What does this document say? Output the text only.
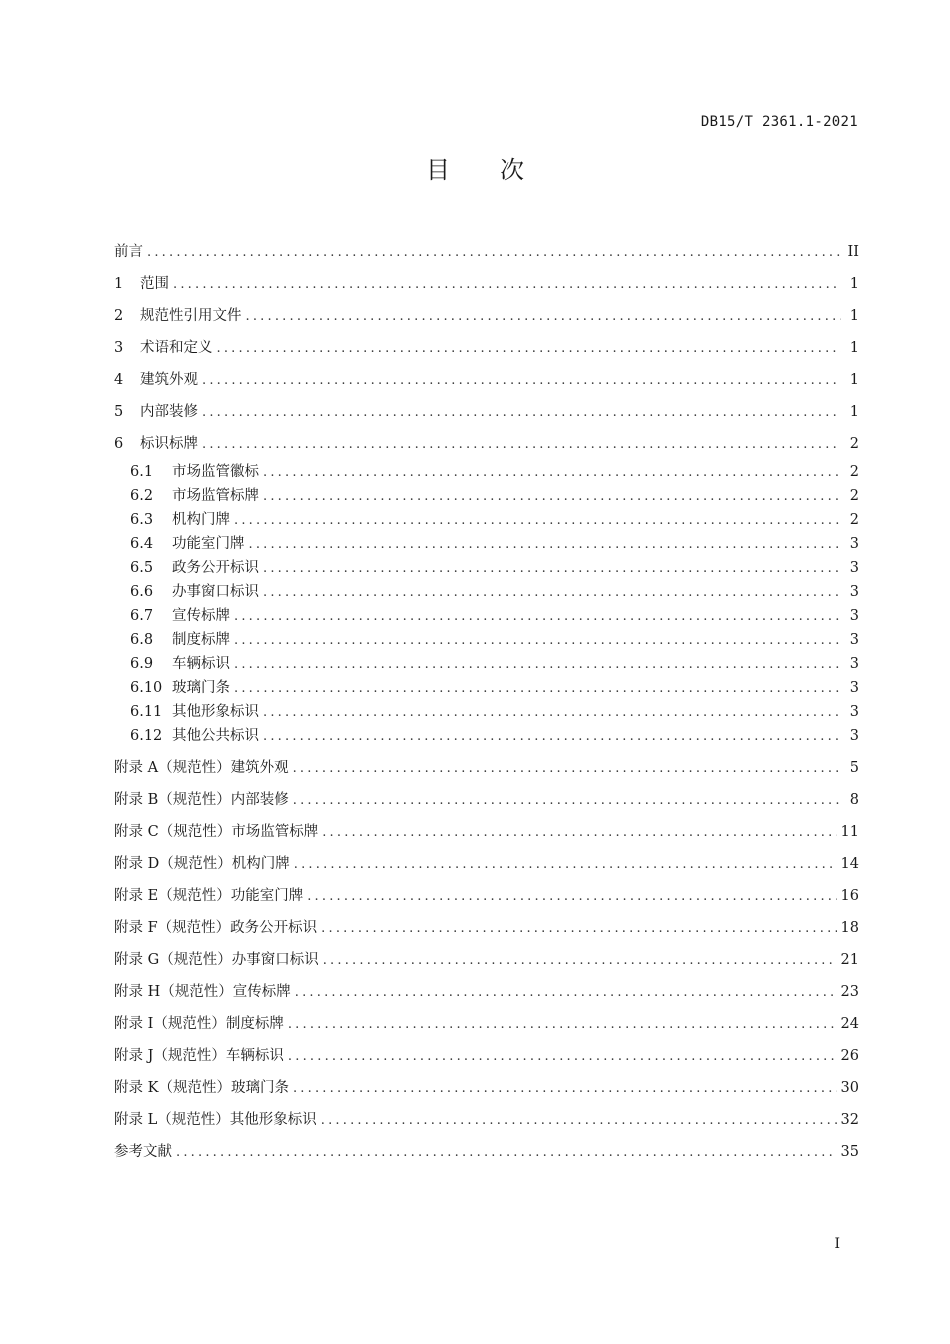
DB15/T 2361.1-2021
目 次
前言 .....	II
1	范围 .....	1
2	规范性引用文件 .....	1
3	术语和定义 .....	1
4	建筑外观 .....	1
5	内部装修 .....	1
6	标识标牌 .....	2
6.1	市场监管徽标 .....	2
6.2	市场监管标牌 .....	2
6.3	机构门牌 .....	2
6.4	功能室门牌 .....	3
6.5	政务公开标识 .....	3
6.6	办事窗口标识 .....	3
6.7	宣传标牌 .....	3
6.8	制度标牌 .....	3
6.9	车辆标识 .....	3
6.10 玻璃门条 .....	3
6.11 其他形象标识 .....	3
6.12 其他公共标识 .....	3
附录 A（规范性）建筑外观 .....	5
附录 B（规范性）内部装修 .....	8
附录 C（规范性）市场监管标牌 .....	11
附录 D（规范性）机构门牌 .....	14
附录 E（规范性）功能室门牌 .....	16
附录 F（规范性）政务公开标识 .....	18
附录 G（规范性）办事窗口标识 .....	21
附录 H（规范性）宣传标牌 .....	23
附录 I（规范性）制度标牌 .....	24
附录 J（规范性）车辆标识 .....	26
附录 K（规范性）玻璃门条 .....	30
附录 L（规范性）其他形象标识 .....	32
参考文献 .....	35
I
